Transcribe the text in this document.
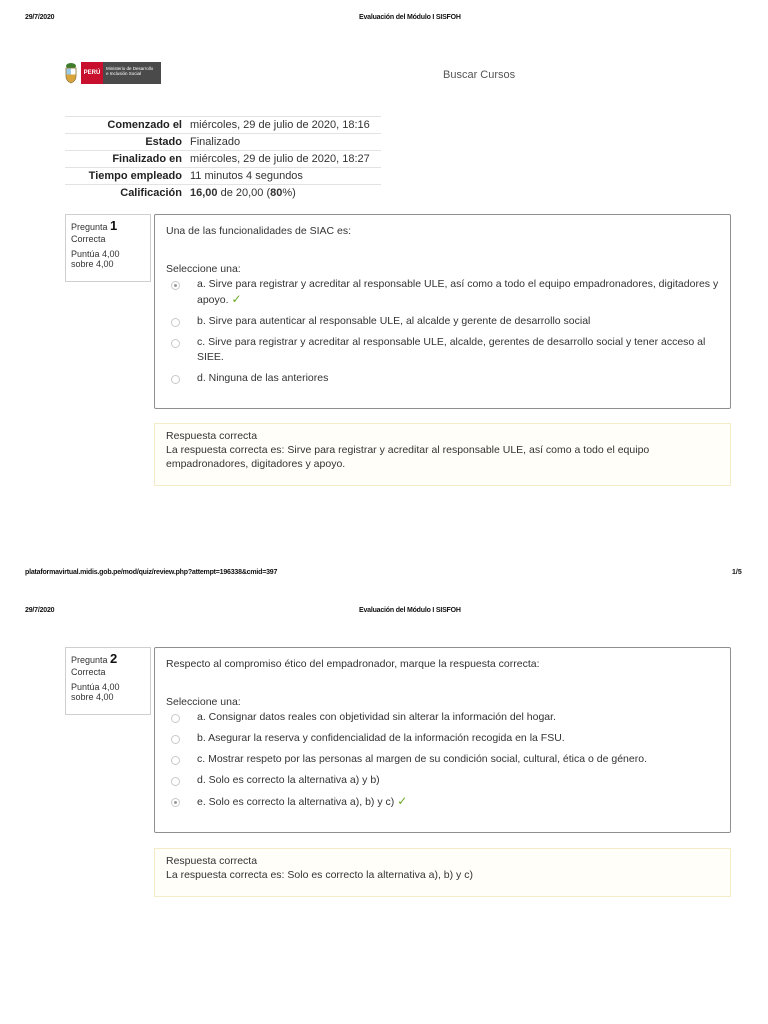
29/7/2020	Evaluación del Módulo I SISFOH
PERÚ
Ministerio de Desarrollo
e Inclusión Social	Buscar Cursos
Comenzado el	miércoles, 29 de julio de 2020, 18:16
Estado	Finalizado
Finalizado en	miércoles, 29 de julio de 2020, 18:27
Tiempo empleado	11 minutos 4 segundos
Calificación	16,00 de 20,00 (80%)
Pregunta 1
Correcta
Puntúa 4,00
sobre 4,00
Una de las funcionalidades de SIAC es:
Seleccione una:
a. Sirve para registrar y acreditar al responsable ULE, así como a todo el equipo empadronadores, digitadores y apoyo. ✓
b. Sirve para autenticar al responsable ULE, al alcalde y gerente de desarrollo social
c. Sirve para registrar y acreditar al responsable ULE, alcalde, gerentes de desarrollo social y tener acceso al SIEE.
d. Ninguna de las anteriores
Respuesta correcta
La respuesta correcta es: Sirve para registrar y acreditar al responsable ULE, así como a todo el equipo empadronadores, digitadores y apoyo.
plataformavirtual.midis.gob.pe/mod/quiz/review.php?attempt=196338&cmid=397	1/5
29/7/2020	Evaluación del Módulo I SISFOH
Pregunta 2
Correcta
Puntúa 4,00
sobre 4,00
Respecto al compromiso ético del empadronador, marque la respuesta correcta:
Seleccione una:
a. Consignar datos reales con objetividad sin alterar la información del hogar.
b. Asegurar la reserva y confidencialidad de la información recogida en la FSU.
c. Mostrar respeto por las personas al margen de su condición social, cultural, ética o de género.
d. Solo es correcto la alternativa a) y b)
e. Solo es correcto la alternativa a), b) y c) ✓
Respuesta correcta
La respuesta correcta es: Solo es correcto la alternativa a), b) y c)
